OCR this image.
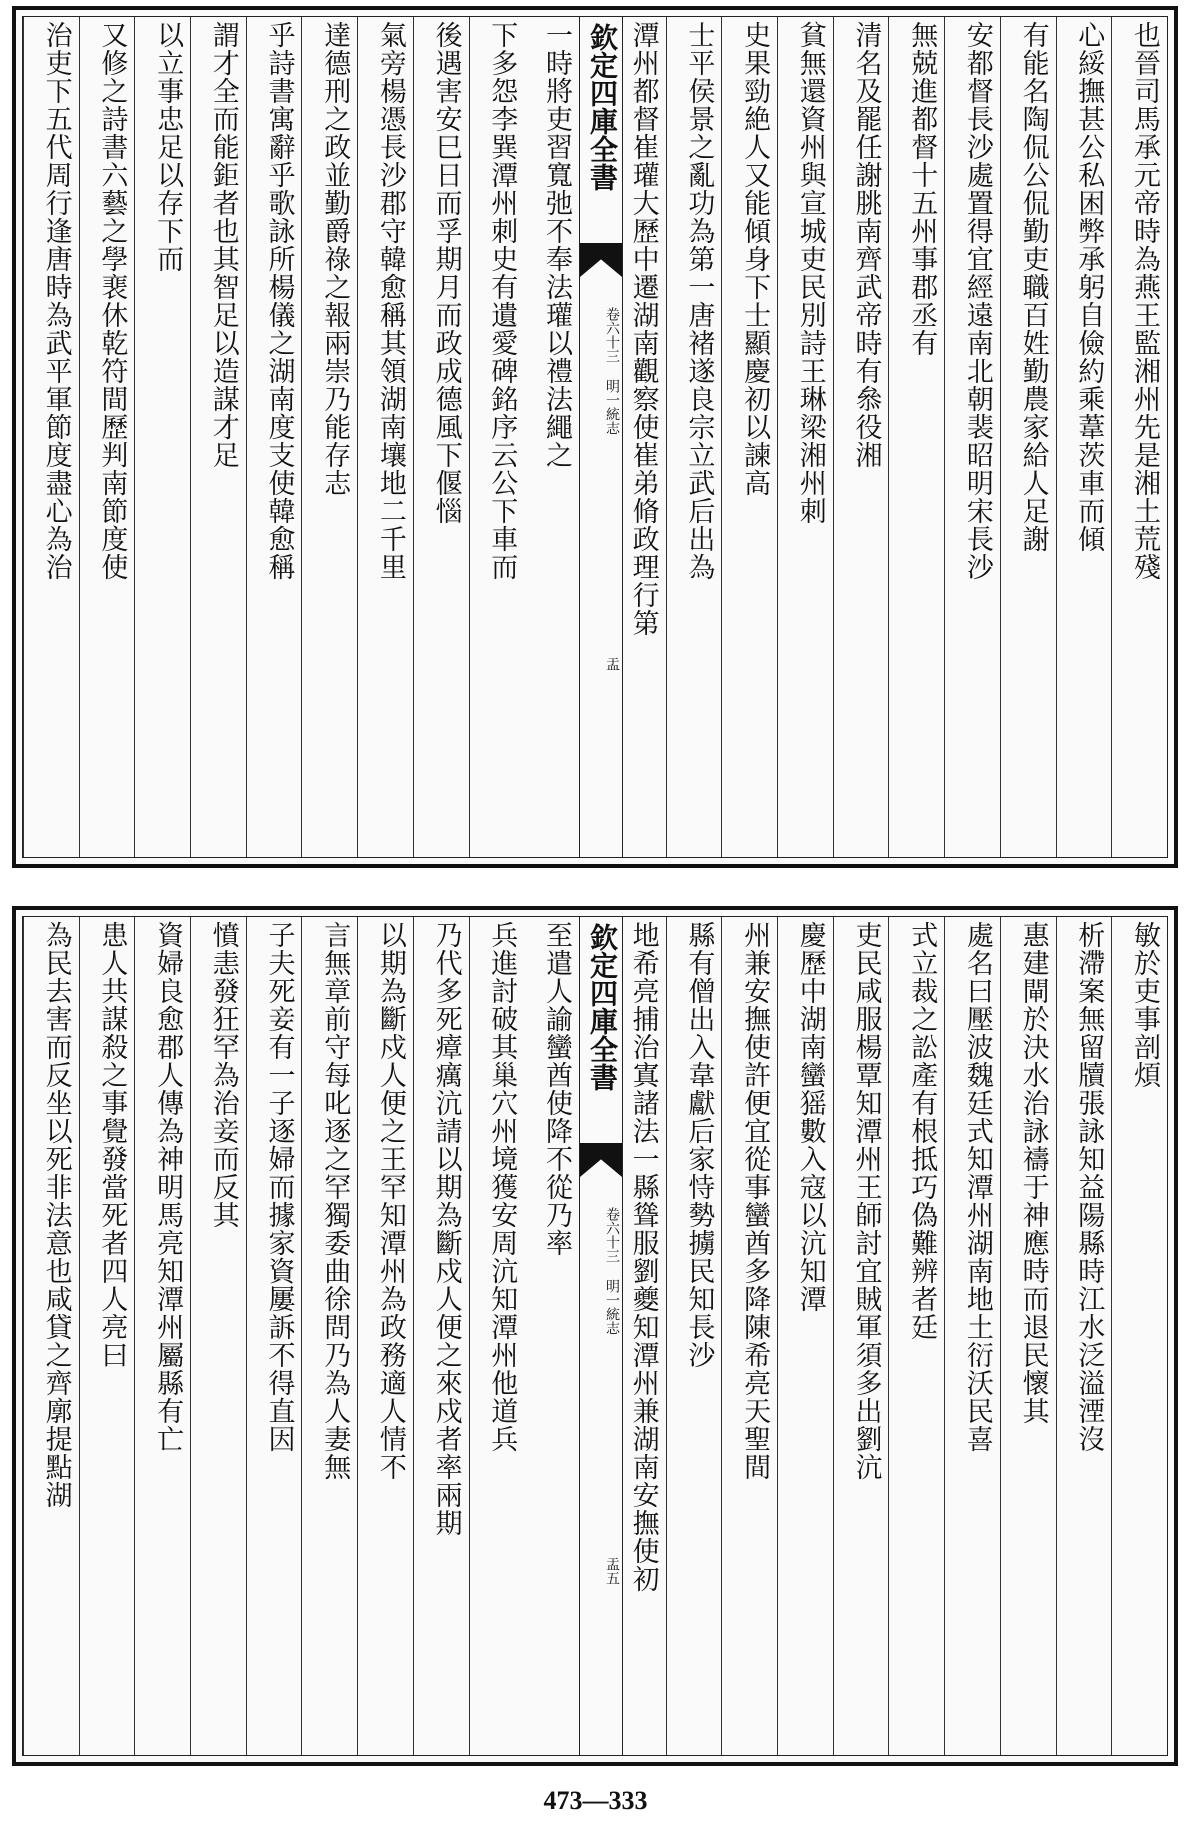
也晉司馬承元帝時為燕王監湘州先是湘土荒殘
心綏撫甚公私困弊承躬自儉約乘葦茨車而傾
有能名陶侃公侃勤吏職百姓勤農家給人足謝
安都督長沙處置得宜經遠南北朝裴昭明宋長沙
無兢進都督十五州事郡丞有
清名及罷任謝朓南齊武帝時有叅役湘
貧無還資州與宣城吏民別詩王琳梁湘州刺
史果勁絶人又能傾身下士顯慶初以諫高
士平侯景之亂功為第一唐褚遂良宗立武后出為
潭州都督崔瓘大歷中遷湖南觀察使崔弟脩政理行第
欽定四庫全書
卷六十三 明一統志
盂
一時將吏習寬弛不奉法瓘以禮法繩之
下多怨李巽潭州刺史有遺愛碑銘序云公下車而
後遇害安巳日而孚期月而政成德風下偃惱
氣旁楊憑長沙郡守韓愈稱其領湖南壤地二千里
達德刑之政並勤爵祿之報兩崇乃能存志
乎詩書寓辭乎歌詠所楊儀之湖南度支使韓愈稱
謂才全而能鉅者也其智足以造謀才足
以立事忠足以存下而
又修之詩書六藝之學裵休乾符間歷判南節度使
治吏下五代周行逢唐時為武平軍節度盡心為治
敏於吏事剖煩
析滯案無留牘張詠知益陽縣時江水泛溢湮沒
惠建閘於決水治詠禱于神應時而退民懷其
處名曰壓波魏廷式知潭州湖南地土衍沃民喜
式立裁之訟產有根抵巧偽難辨者廷
吏民咸服楊覃知潭州王師討宜賊軍須多出劉沆
慶歷中湖南蠻猺數入寇以沆知潭
州兼安撫使許便宜從事蠻酋多降陳希亮天聖間
縣有僧出入韋獻后家恃勢擄民知長沙
地希亮捕治寘諸法一縣聳服劉夔知潭州兼湖南安撫使初
欽定四庫全書
卷六十三 明一統志
盂五
至遣人諭蠻酋使降不從乃率
兵進討破其巢穴州境獲安周沆知潭州他道兵
乃代多死瘴癘沆請以期為斷戍人便之來戍者率兩期
以期為斷戍人便之王罕知潭州為政務適人情不
言無章前守每叱逐之罕獨委曲徐問乃為人妻無
子夫死妾有一子逐婦而據家資屢訴不得直因
憤恚發狂罕為治妾而反其
資婦良愈郡人傳為神明馬亮知潭州屬縣有亡
患人共謀殺之事覺發當死者四人亮曰
為民去害而反坐以死非法意也咸貸之齊廓提點湖
473—333
